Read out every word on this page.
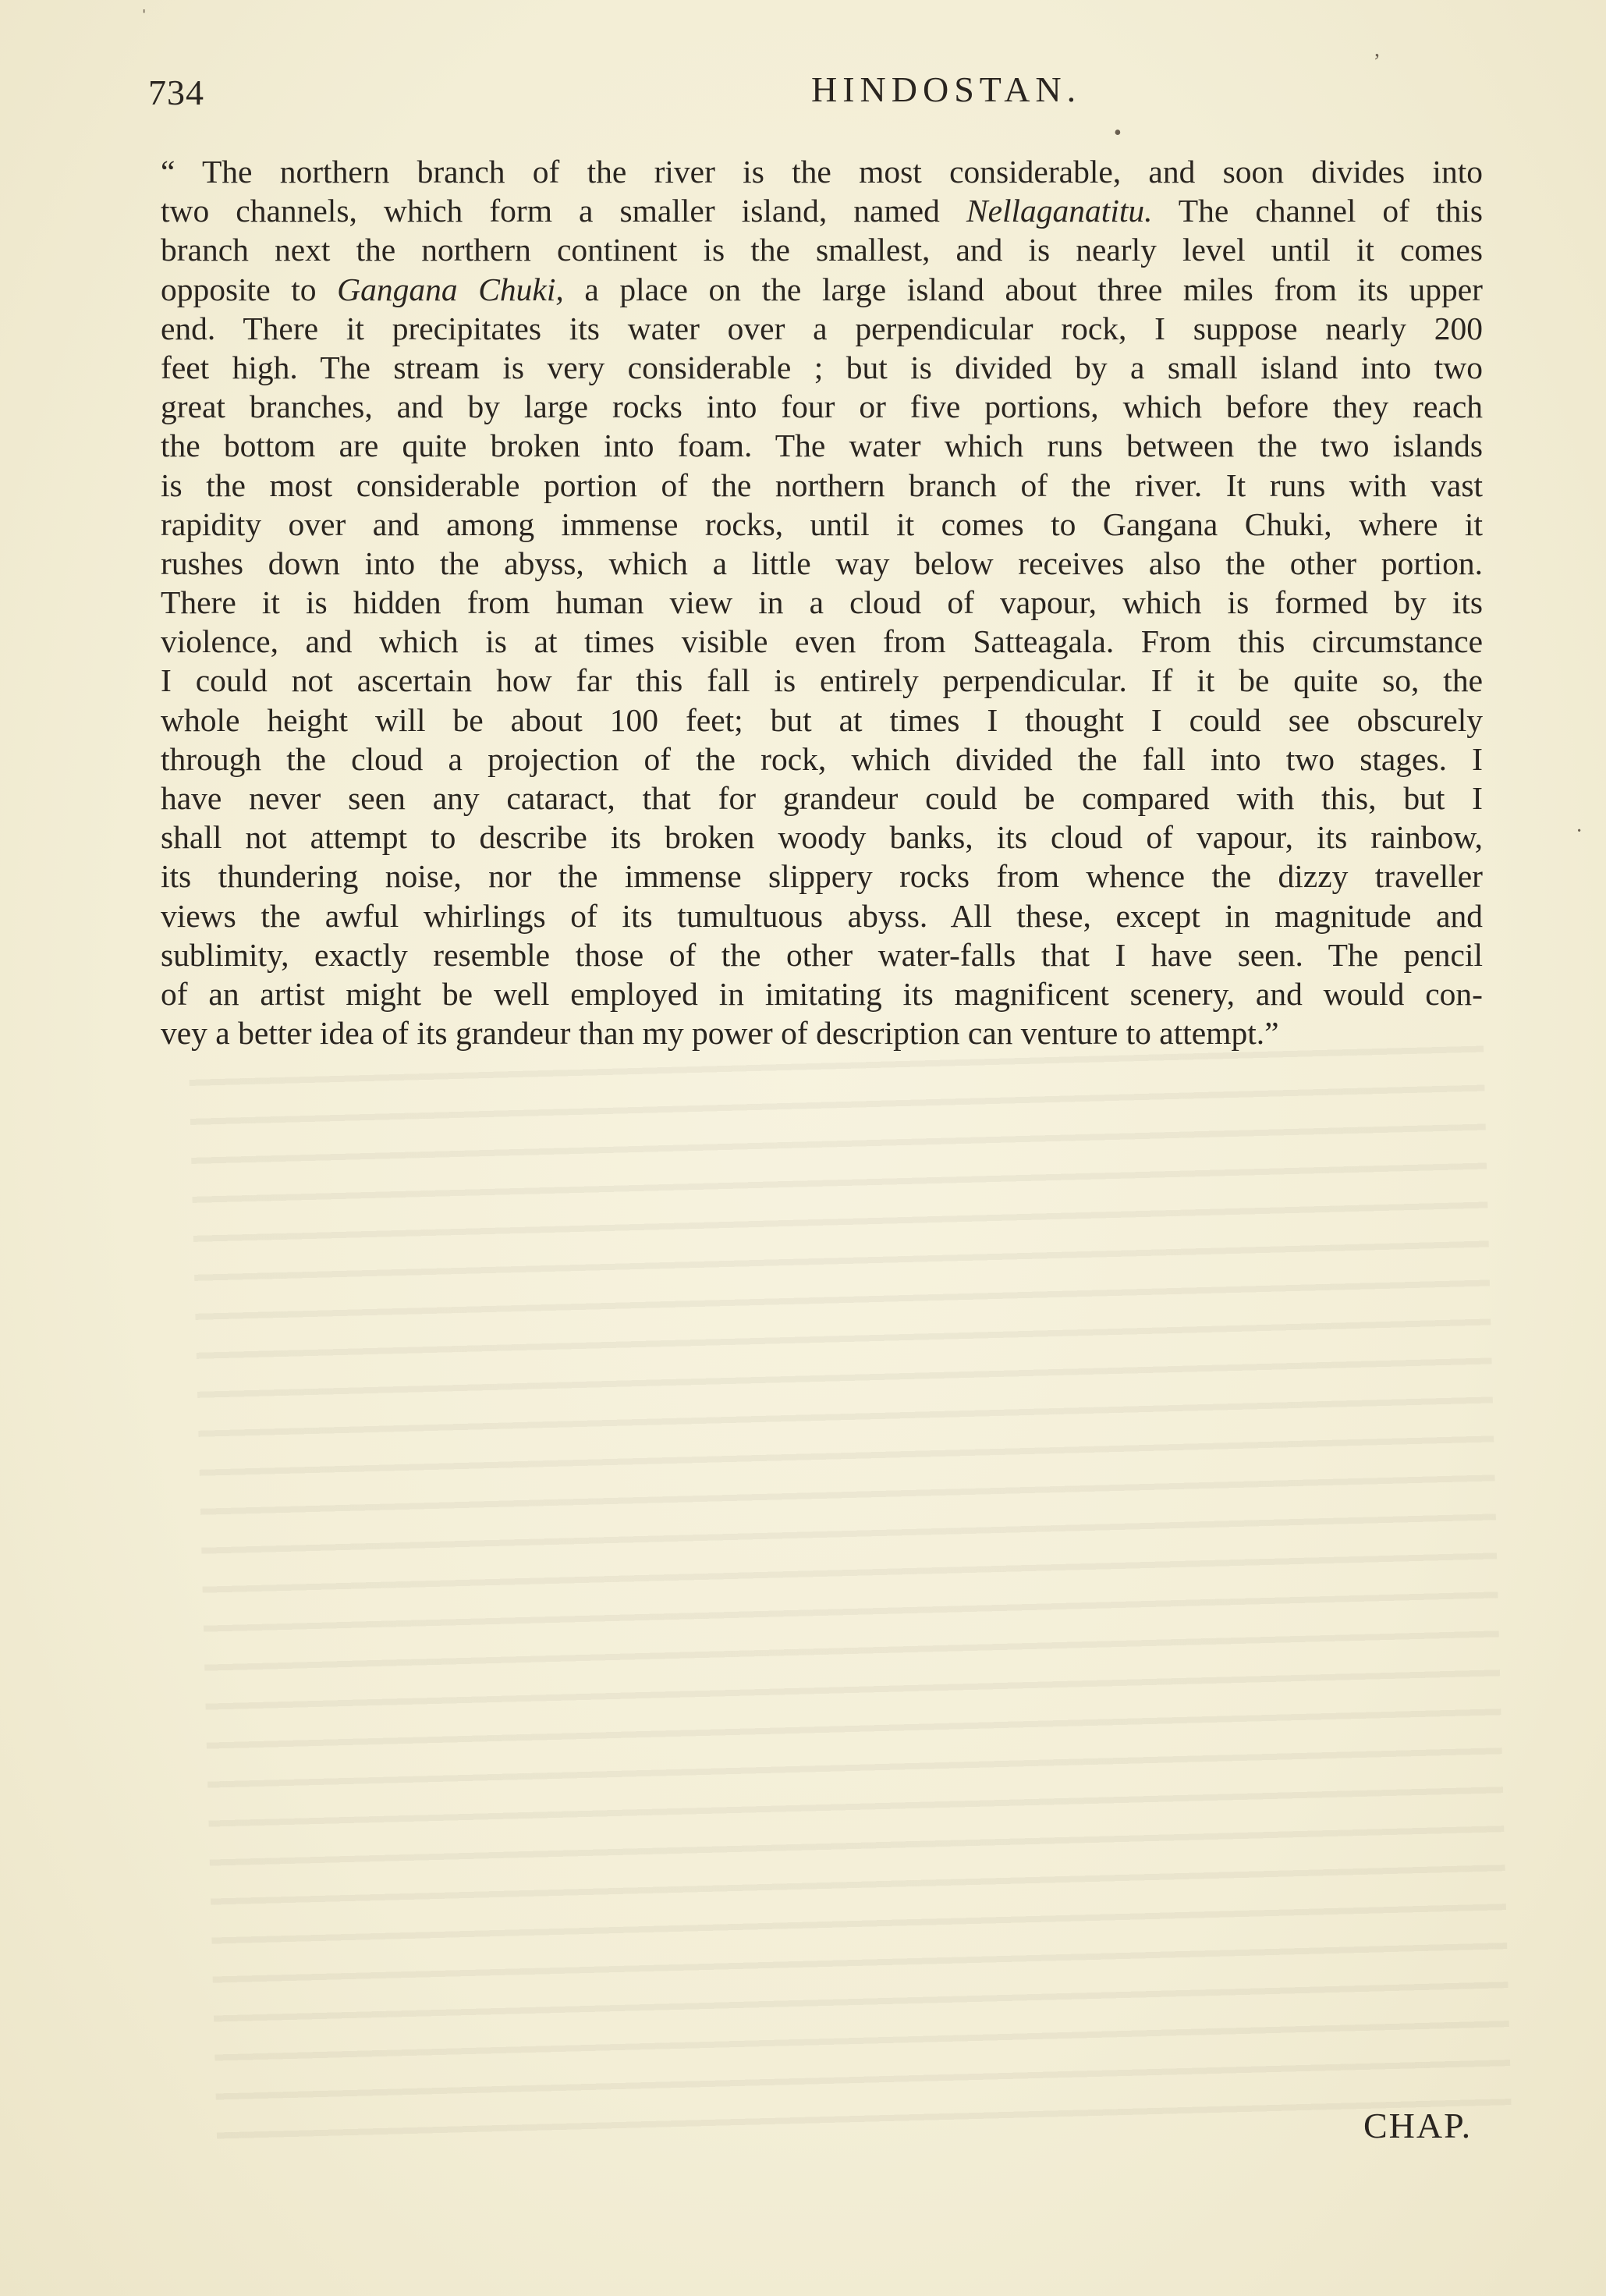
734	HINDOSTAN.
“ The northern branch of the river is the most considerable, and soon divides into
two channels, which form a smaller island, named Nellaganatitu. The channel of this
branch next the northern continent is the smallest, and is nearly level until it comes
opposite to Gangana Chuki, a place on the large island about three miles from its upper
end. There it precipitates its water over a perpendicular rock, I suppose nearly 200
feet high. The stream is very considerable ; but is divided by a small island into two
great branches, and by large rocks into four or five portions, which before they reach
the bottom are quite broken into foam. The water which runs between the two islands
is the most considerable portion of the northern branch of the river. It runs with vast
rapidity over and among immense rocks, until it comes to Gangana Chuki, where it
rushes down into the abyss, which a little way below receives also the other portion.
There it is hidden from human view in a cloud of vapour, which is formed by its
violence, and which is at times visible even from Satteagala. From this circumstance
I could not ascertain how far this fall is entirely perpendicular. If it be quite so, the
whole height will be about 100 feet; but at times I thought I could see obscurely
through the cloud a projection of the rock, which divided the fall into two stages. I
have never seen any cataract, that for grandeur could be compared with this, but I
shall not attempt to describe its broken woody banks, its cloud of vapour, its rainbow,
its thundering noise, nor the immense slippery rocks from whence the dizzy traveller
views the awful whirlings of its tumultuous abyss. All these, except in magnitude and
sublimity, exactly resemble those of the other water-falls that I have seen. The pencil
of an artist might be well employed in imitating its magnificent scenery, and would con-
vey a better idea of its grandeur than my power of description can venture to attempt.”
CHAP.
ˈ
,
•
·
